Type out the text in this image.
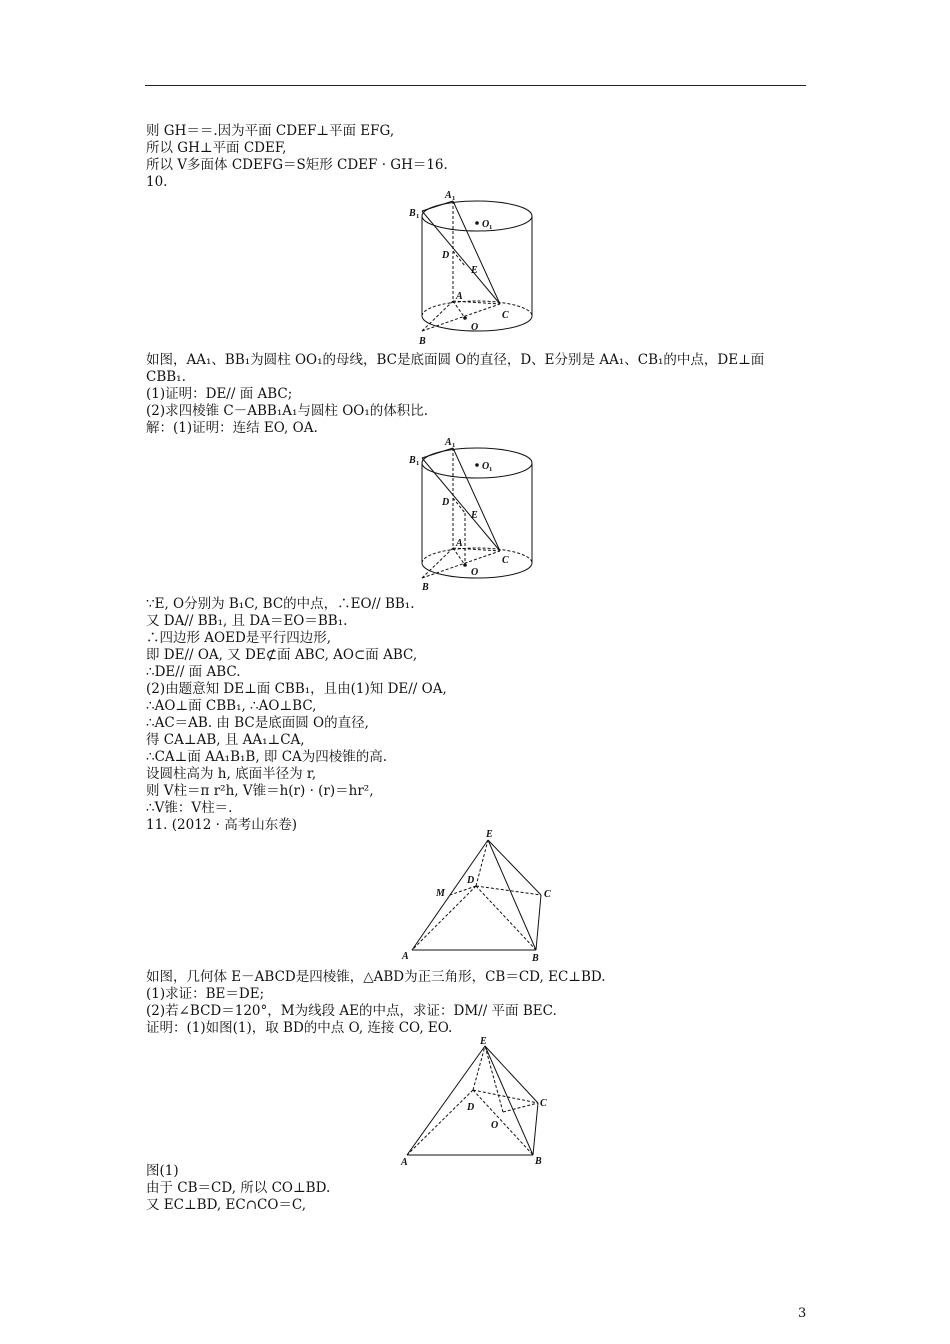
则 GH＝＝.因为平面 CDEF⊥平面 EFG,
所以 GH⊥平面 CDEF,
所以 V多面体 CDEFG＝S矩形 CDEF · GH＝16.
10.
A 1
O 1
B 1
D
E
A
C
O
B
如图，AA₁、BB₁为圆柱 OO₁的母线，BC是底面圆 O的直径，D、E分别是 AA₁、CB₁的中点，DE⊥面
CBB₁.
(1)证明：DE// 面 ABC;
(2)求四棱锥 C－ABB₁A₁与圆柱 OO₁的体积比.
解：(1)证明：连结 EO, OA.
A 1
O 1
B 1
D
E
A
C
O
B
∵E, O分别为 B₁C, BC的中点，∴EO// BB₁.
又 DA// BB₁, 且 DA＝EO＝BB₁.
∴四边形 AOED是平行四边形,
即 DE// OA, 又 DE⊄面 ABC, AO⊂面 ABC,
∴DE// 面 ABC.
(2)由题意知 DE⊥面 CBB₁，且由(1)知 DE// OA,
∴AO⊥面 CBB₁, ∴AO⊥BC,
∴AC＝AB. 由 BC是底面圆 O的直径,
得 CA⊥AB, 且 AA₁⊥CA,
∴CA⊥面 AA₁B₁B, 即 CA为四棱锥的高.
设圆柱高为 h, 底面半径为 r,
则 V柱＝π r²h, V锥＝h(r) · (r)＝hr²,
∴V锥：V柱＝.
11. (2012 · 高考山东卷)
E
M
D
C
A	B
如图，几何体 E－ABCD是四棱锥，△ABD为正三角形，CB＝CD, EC⊥BD.
(1)求证：BE＝DE;
(2)若∠BCD＝120°，M为线段 AE的中点，求证：DM// 平面 BEC.
证明：(1)如图(1)，取 BD的中点 O, 连接 CO, EO.
E
D
O
C
A	B
图(1)
由于 CB＝CD, 所以 CO⊥BD.
又 EC⊥BD, EC∩CO＝C,
3
